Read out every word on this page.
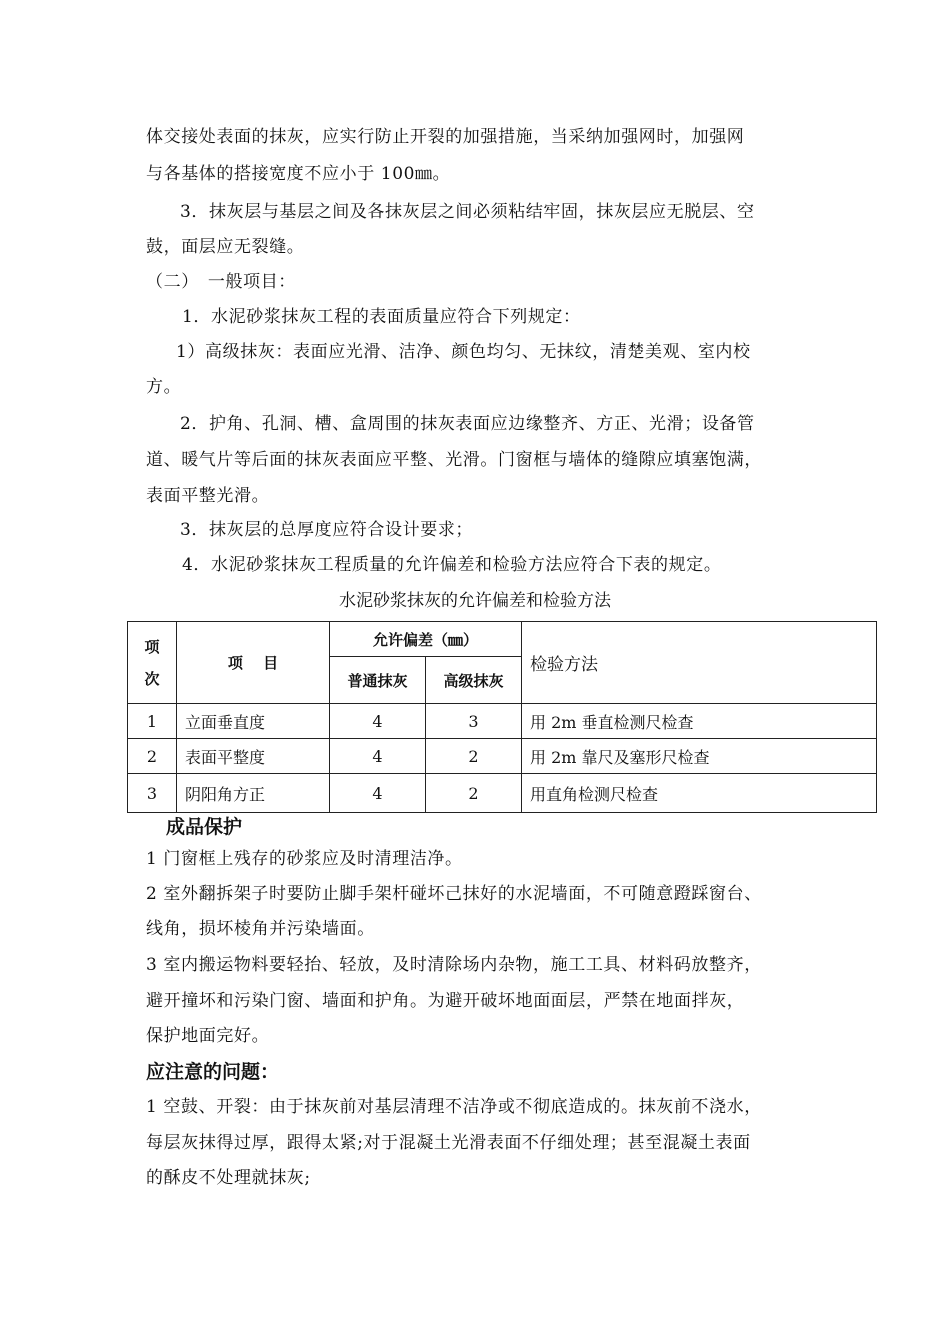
体交接处表面的抹灰，应实行防止开裂的加强措施，当采纳加强网时，加强网
与各基体的搭接宽度不应小于 100㎜。
3．抹灰层与基层之间及各抹灰层之间必须粘结牢固，抹灰层应无脱层、空
鼓，面层应无裂缝。
（二）　一般项目：
1．水泥砂浆抹灰工程的表面质量应符合下列规定：
1）高级抹灰：表面应光滑、洁净、颜色均匀、无抹纹，清楚美观、室内校
方。
2．护角、孔洞、槽、盒周围的抹灰表面应边缘整齐、方正、光滑；设备管
道、暖气片等后面的抹灰表面应平整、光滑。门窗框与墙体的缝隙应填塞饱满，
表面平整光滑。
3．抹灰层的总厚度应符合设计要求；
4．水泥砂浆抹灰工程质量的允许偏差和检验方法应符合下表的规定。
水泥砂浆抹灰的允许偏差和检验方法
项
次	项　 目	允许偏差（㎜）		检验方法
		普通抹灰	高级抹灰	
1	立面垂直度	4	3	用 2m 垂直检测尺检查
2	表面平整度	4	2	用 2m 靠尺及塞形尺检查
3	阴阳角方正	4	2	用直角检测尺检查
成品保护
1 门窗框上残存的砂浆应及时清理洁净。
2 室外翻拆架子时要防止脚手架杆碰坏己抹好的水泥墙面，不可随意蹬踩窗台、
线角，损坏棱角并污染墙面。
3 室内搬运物料要轻抬、轻放，及时清除场内杂物，施工工具、材料码放整齐，
避开撞坏和污染门窗、墙面和护角。为避开破坏地面面层，严禁在地面拌灰，
保护地面完好。
应注意的问题：
1 空鼓、开裂：由于抹灰前对基层清理不洁净或不彻底造成的。抹灰前不浇水，
每层灰抹得过厚，跟得太紧;对于混凝土光滑表面不仔细处理；甚至混凝土表面
的酥皮不处理就抹灰;
